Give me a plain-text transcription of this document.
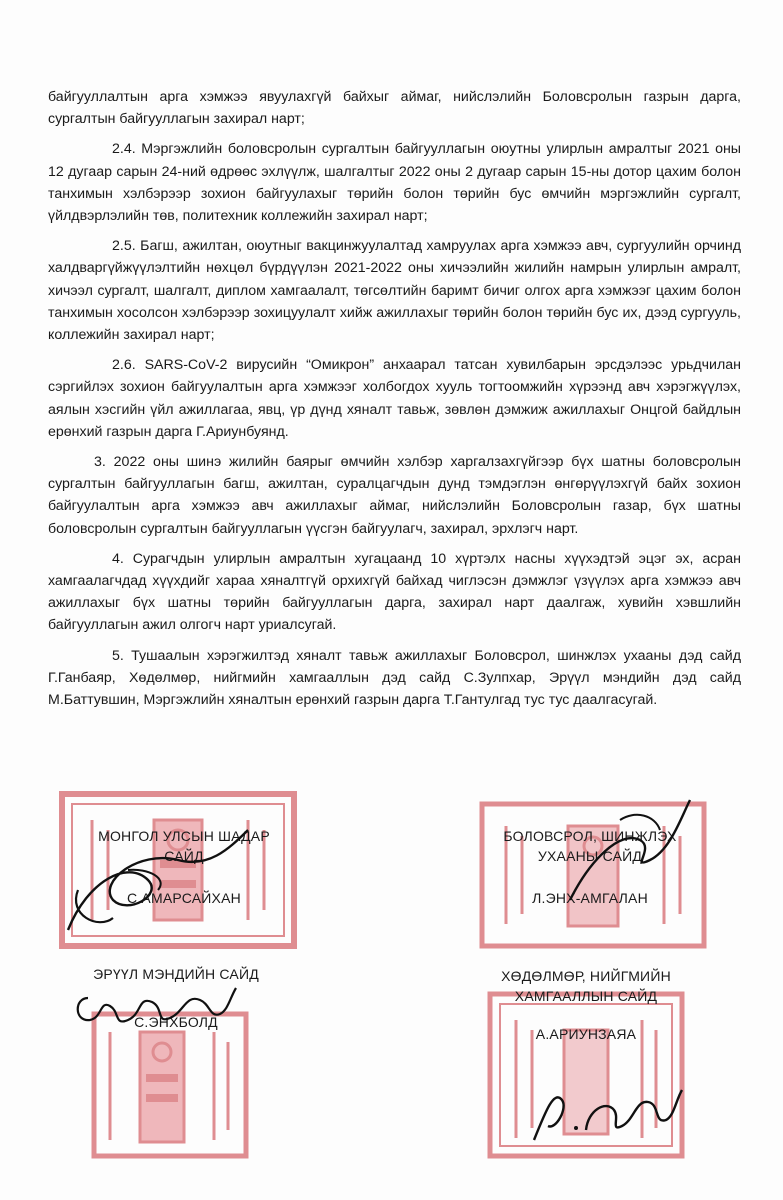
байгууллалтын арга хэмжээ явуулахгүй байхыг аймаг, нийслэлийн Боловсролын газрын дарга, сургалтын байгууллагын захирал нарт;

2.4. Мэргэжлийн боловсролын сургалтын байгууллагын оюутны улирлын амралтыг 2021 оны 12 дугаар сарын 24-ний өдрөөс эхлүүлж, шалгалтыг 2022 оны 2 дугаар сарын 15-ны дотор цахим болон танхимын хэлбэрээр зохион байгуулахыг төрийн болон төрийн бус өмчийн мэргэжлийн сургалт, үйлдвэрлэлийн төв, политехник коллежийн захирал нарт;

2.5. Багш, ажилтан, оюутныг вакцинжуулалтад хамруулах арга хэмжээ авч, сургуулийн орчинд халдваргүйжүүлэлтийн нөхцөл бүрдүүлэн 2021-2022 оны хичээлийн жилийн намрын улирлын амралт, хичээл сургалт, шалгалт, диплом хамгаалалт, төгсөлтийн баримт бичиг олгох арга хэмжээг цахим болон танхимын хосолсон хэлбэрээр зохицуулалт хийж ажиллахыг төрийн болон төрийн бус их, дээд сургууль, коллежийн захирал нарт;

2.6. SARS-CoV-2 вирусийн “Омикрон” анхаарал татсан хувилбарын эрсдэлээс урьдчилан сэргийлэх зохион байгуулалтын арга хэмжээг холбогдох хууль тогтоомжийн хүрээнд авч хэрэгжүүлэх, аялын хэсгийн үйл ажиллагаа, явц, үр дүнд хяналт тавьж, зөвлөн дэмжиж ажиллахыг Онцгой байдлын ерөнхий газрын дарга Г.Ариунбуянд.

3. 2022 оны шинэ жилийн баярыг өмчийн хэлбэр харгалзахгүйгээр бүх шатны боловсролын сургалтын байгууллагын багш, ажилтан, суралцагчдын дунд тэмдэглэн өнгөрүүлэхгүй байх зохион байгуулалтын арга хэмжээ авч ажиллахыг аймаг, нийслэлийн Боловсролын газар, бүх шатны боловсролын сургалтын байгууллагын үүсгэн байгуулагч, захирал, эрхлэгч нарт.

4. Сурагчдын улирлын амралтын хугацаанд 10 хүртэлх насны хүүхэдтэй эцэг эх, асран хамгаалагчдад хүүхдийг хараа хяналтгүй орхихгүй байхад чиглэсэн дэмжлэг үзүүлэх арга хэмжээ авч ажиллахыг бүх шатны төрийн байгууллагын дарга, захирал нарт даалгаж, хувийн хэвшлийн байгууллагын ажил олгогч нарт уриалсугай.

5. Тушаалын хэрэгжилтэд хяналт тавьж ажиллахыг Боловсрол, шинжлэх ухааны дэд сайд Г.Ганбаяр, Хөдөлмөр, нийгмийн хамгааллын дэд сайд С.Зулпхар, Эрүүл мэндийн дэд сайд М.Баттувшин, Мэргэжлийн хяналтын ерөнхий газрын дарга Т.Гантулгад тус тус даалгасугай.

МОНГОЛ УЛСЫН ШАДАР
САЙД
С.АМАРСАЙХАН
БОЛОВСРОЛ, ШИНЖЛЭХ
УХААНЫ САЙД
Л.ЭНХ-АМГАЛАН
ЭРҮҮЛ МЭНДИЙН САЙД
С.ЭНХБОЛД
ХӨДӨЛМӨР, НИЙГМИЙН
ХАМГААЛЛЫН САЙД
А.АРИУНЗАЯА
